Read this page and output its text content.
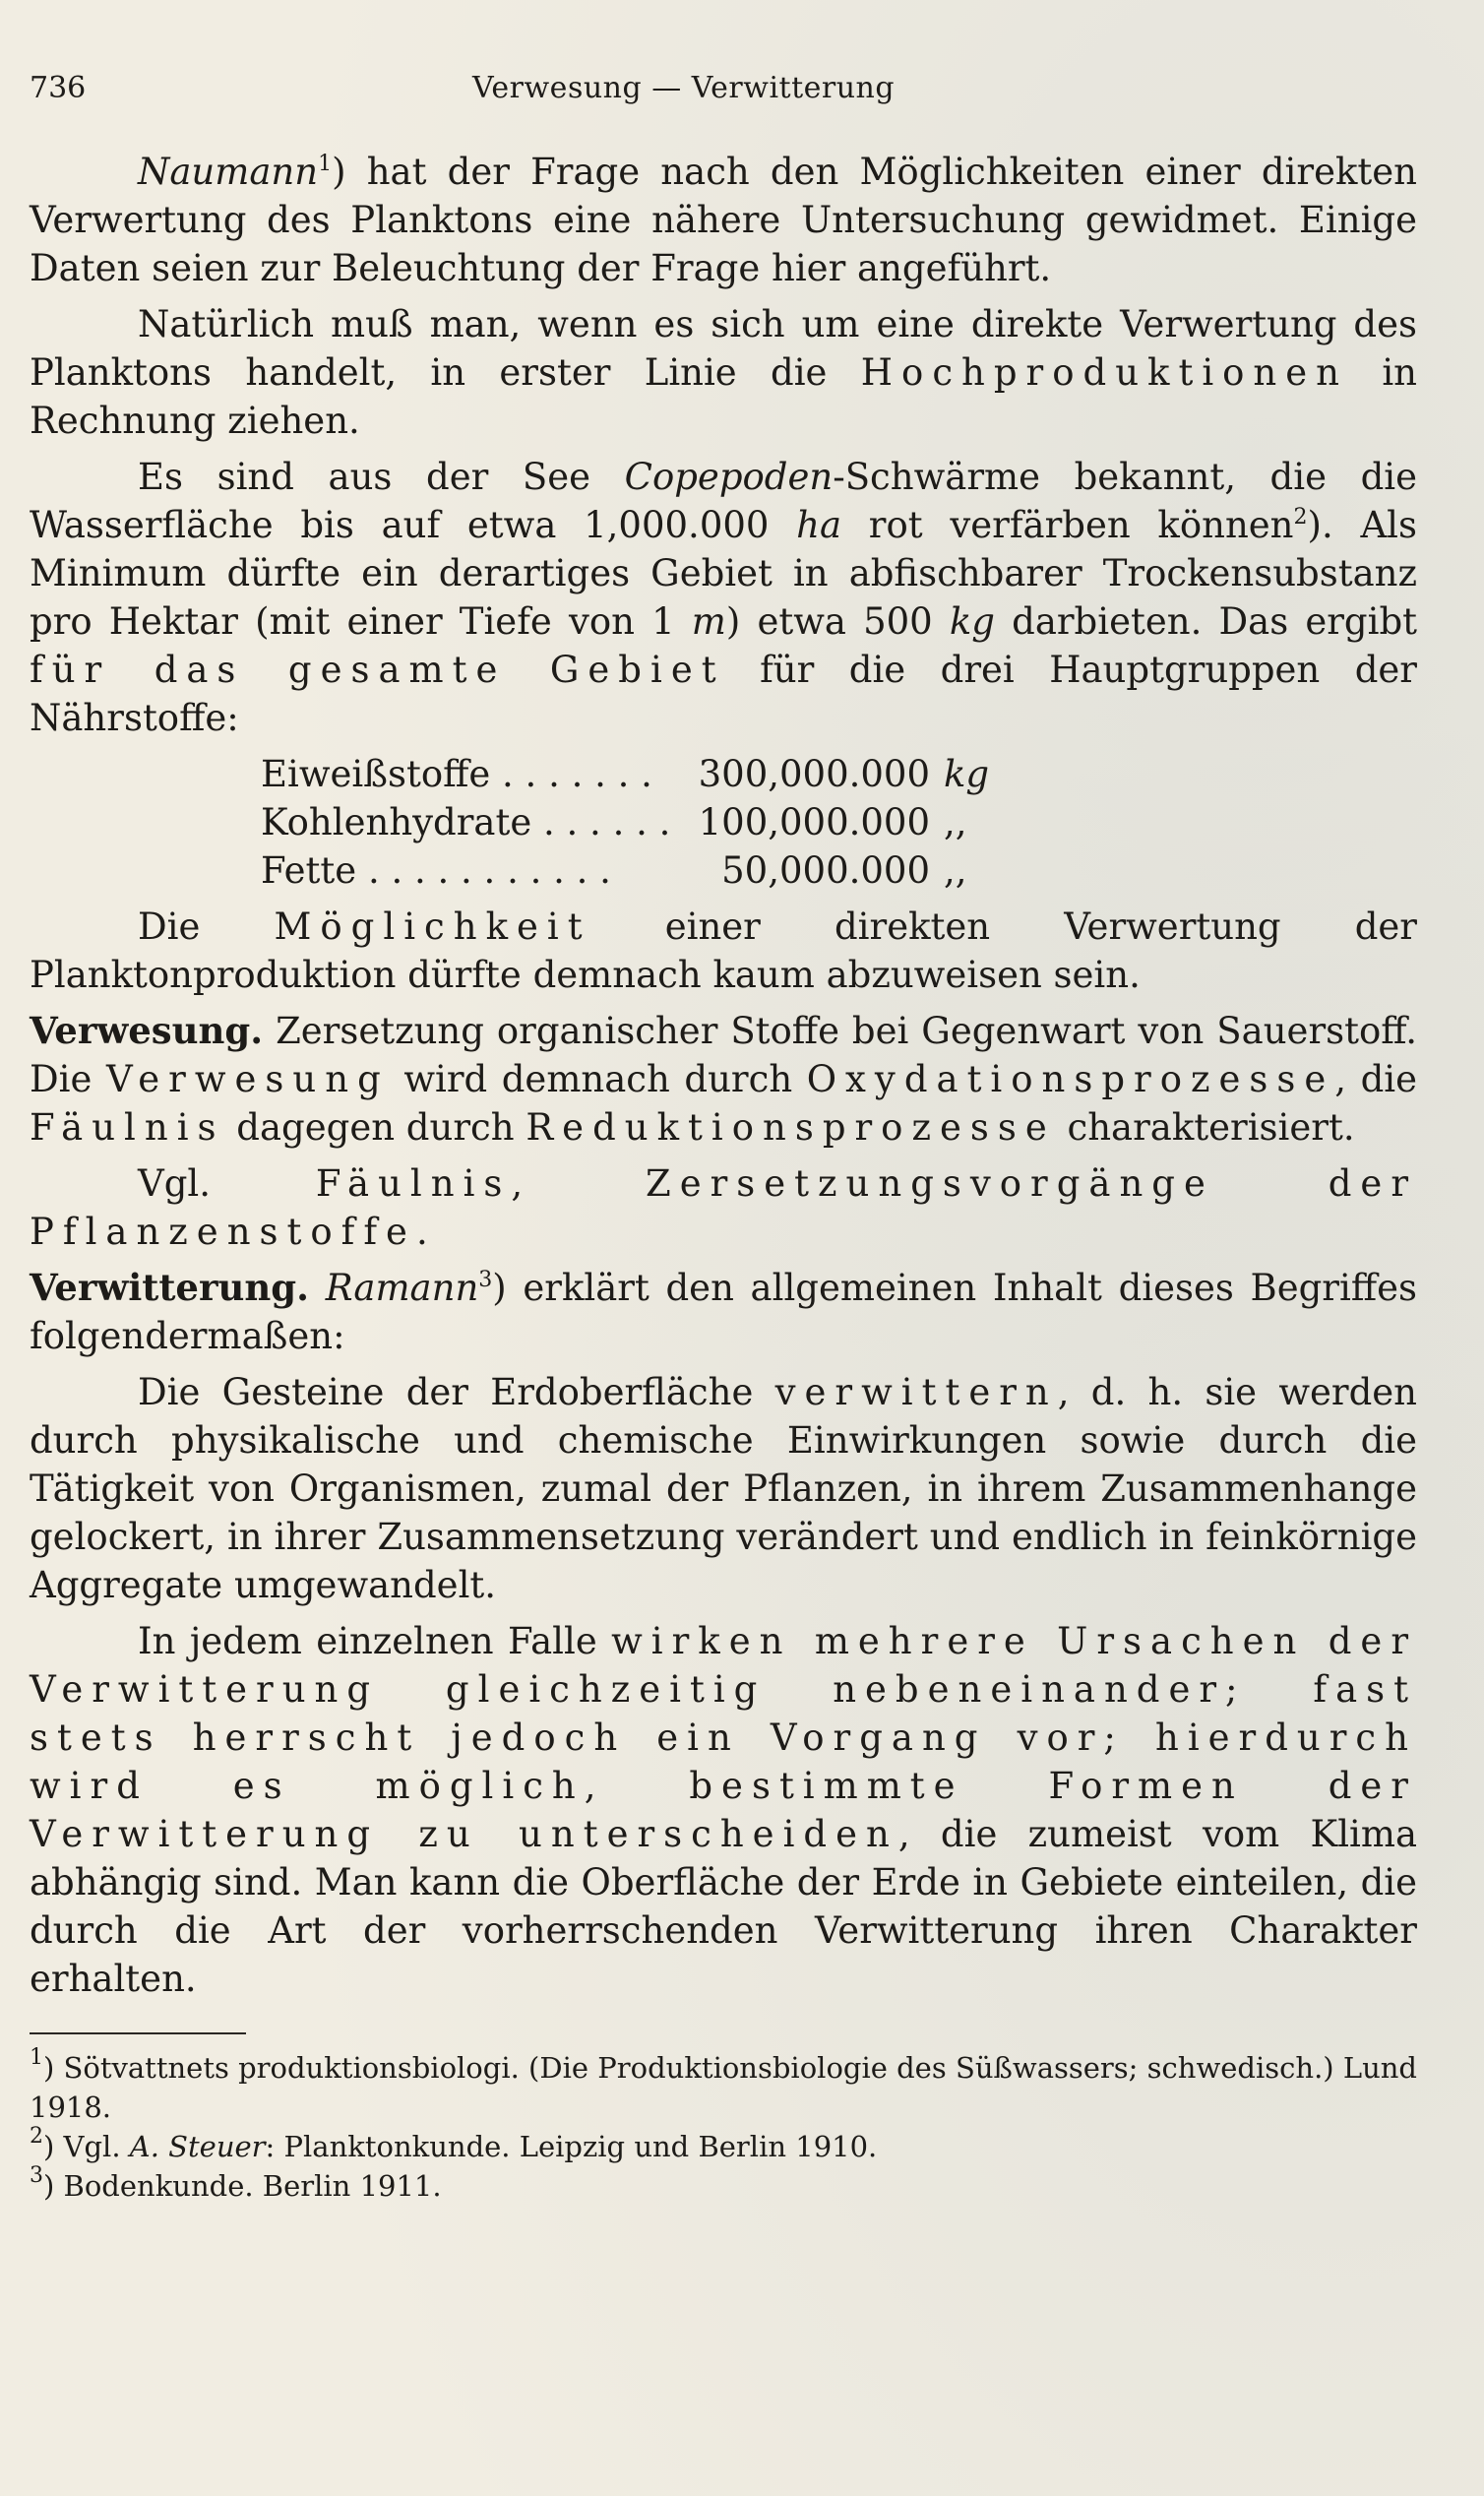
736	Verwesung — Verwitterung

Naumann$^1$) hat der Frage nach den Möglichkeiten einer direkten Verwertung des Planktons eine nähere Untersuchung gewidmet. Einige Daten seien zur Beleuchtung der Frage hier angeführt.

Natürlich muß man, wenn es sich um eine direkte Verwertung des Planktons handelt, in erster Linie die Hochproduktionen in Rechnung ziehen.

Es sind aus der See Copepoden-Schwärme bekannt, die die Wasserfläche bis auf etwa 1,000.000 ha rot verfärben können$^2$). Als Minimum dürfte ein derartiges Gebiet in abfischbarer Trockensubstanz pro Hektar (mit einer Tiefe von 1 m) etwa 500 kg darbieten. Das ergibt für das gesamte Gebiet für die drei Hauptgruppen der Nährstoffe:

Eiweißstoffe . . . . . . .	300,000.000 kg
Kohlenhydrate . . . . . . 100,000.000 ,,
Fette . . . . . . . . . . .	50,000.000 ,,

Die Möglichkeit einer direkten Verwertung der Planktonproduktion dürfte demnach kaum abzuweisen sein.

Verwesung. Zersetzung organischer Stoffe bei Gegenwart von Sauerstoff. Die Verwesung wird demnach durch Oxydationsprozesse, die Fäulnis dagegen durch Reduktionsprozesse charakterisiert.

Vgl. Fäulnis, Zersetzungsvorgänge der Pflanzenstoffe.

Verwitterung. Ramann$^3$) erklärt den allgemeinen Inhalt dieses Begriffes folgendermaßen:

Die Gesteine der Erdoberfläche verwittern, d. h. sie werden durch physikalische und chemische Einwirkungen sowie durch die Tätigkeit von Organismen, zumal der Pflanzen, in ihrem Zusammenhange gelockert, in ihrer Zusammensetzung verändert und endlich in feinkörnige Aggregate umgewandelt.

In jedem einzelnen Falle wirken mehrere Ursachen der Verwitterung gleichzeitig nebeneinander; fast stets herrscht jedoch ein Vorgang vor; hierdurch wird es möglich, bestimmte Formen der Verwitterung zu unterscheiden, die zumeist vom Klima abhängig sind. Man kann die Oberfläche der Erde in Gebiete einteilen, die durch die Art der vorherrschenden Verwitterung ihren Charakter erhalten.

$^1$) Sötvattnets produktionsbiologi. (Die Produktionsbiologie des Süßwassers; schwedisch.) Lund 1918.
$^2$) Vgl. A. Steuer: Planktonkunde. Leipzig und Berlin 1910.
$^3$) Bodenkunde. Berlin 1911.
